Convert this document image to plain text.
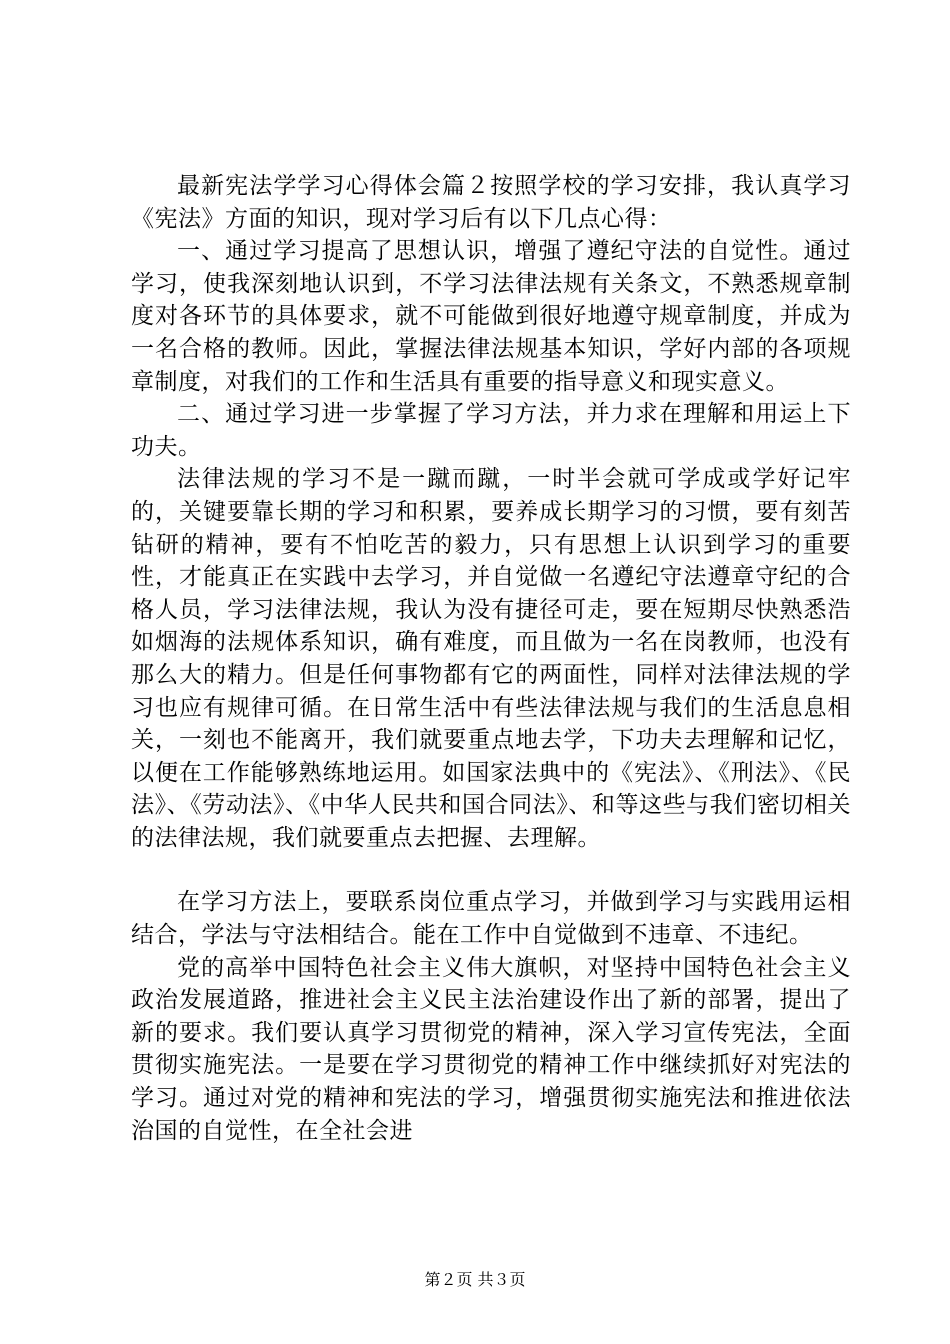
最新宪法学学习心得体会篇２按照学校的学习安排，我认真学习《宪法》方面的知识，现对学习后有以下几点心得：

一、通过学习提高了思想认识，增强了遵纪守法的自觉性。通过学习，使我深刻地认识到，不学习法律法规有关条文，不熟悉规章制度对各环节的具体要求，就不可能做到很好地遵守规章制度，并成为一名合格的教师。因此，掌握法律法规基本知识，学好内部的各项规章制度，对我们的工作和生活具有重要的指导意义和现实意义。

二、通过学习进一步掌握了学习方法，并力求在理解和用运上下功夫。

法律法规的学习不是一蹴而蹴，一时半会就可学成或学好记牢的，关键要靠长期的学习和积累，要养成长期学习的习惯，要有刻苦钻研的精神，要有不怕吃苦的毅力，只有思想上认识到学习的重要性，才能真正在实践中去学习，并自觉做一名遵纪守法遵章守纪的合格人员，学习法律法规，我认为没有捷径可走，要在短期尽快熟悉浩如烟海的法规体系知识，确有难度，而且做为一名在岗教师，也没有那么大的精力。但是任何事物都有它的两面性，同样对法律法规的学习也应有规律可循。在日常生活中有些法律法规与我们的生活息息相关，一刻也不能离开，我们就要重点地去学，下功夫去理解和记忆，以便在工作能够熟练地运用。如国家法典中的《宪法》、《刑法》、《民法》、《劳动法》、《中华人民共和国合同法》、和等这些与我们密切相关的法律法规，我们就要重点去把握、去理解。

在学习方法上，要联系岗位重点学习，并做到学习与实践用运相结合，学法与守法相结合。能在工作中自觉做到不违章、不违纪。

党的高举中国特色社会主义伟大旗帜，对坚持中国特色社会主义政治发展道路，推进社会主义民主法治建设作出了新的部署，提出了新的要求。我们要认真学习贯彻党的精神，深入学习宣传宪法，全面贯彻实施宪法。一是要在学习贯彻党的精神工作中继续抓好对宪法的学习。通过对党的精神和宪法的学习，增强贯彻实施宪法和推进依法治国的自觉性，在全社会进

第２页 共３页
